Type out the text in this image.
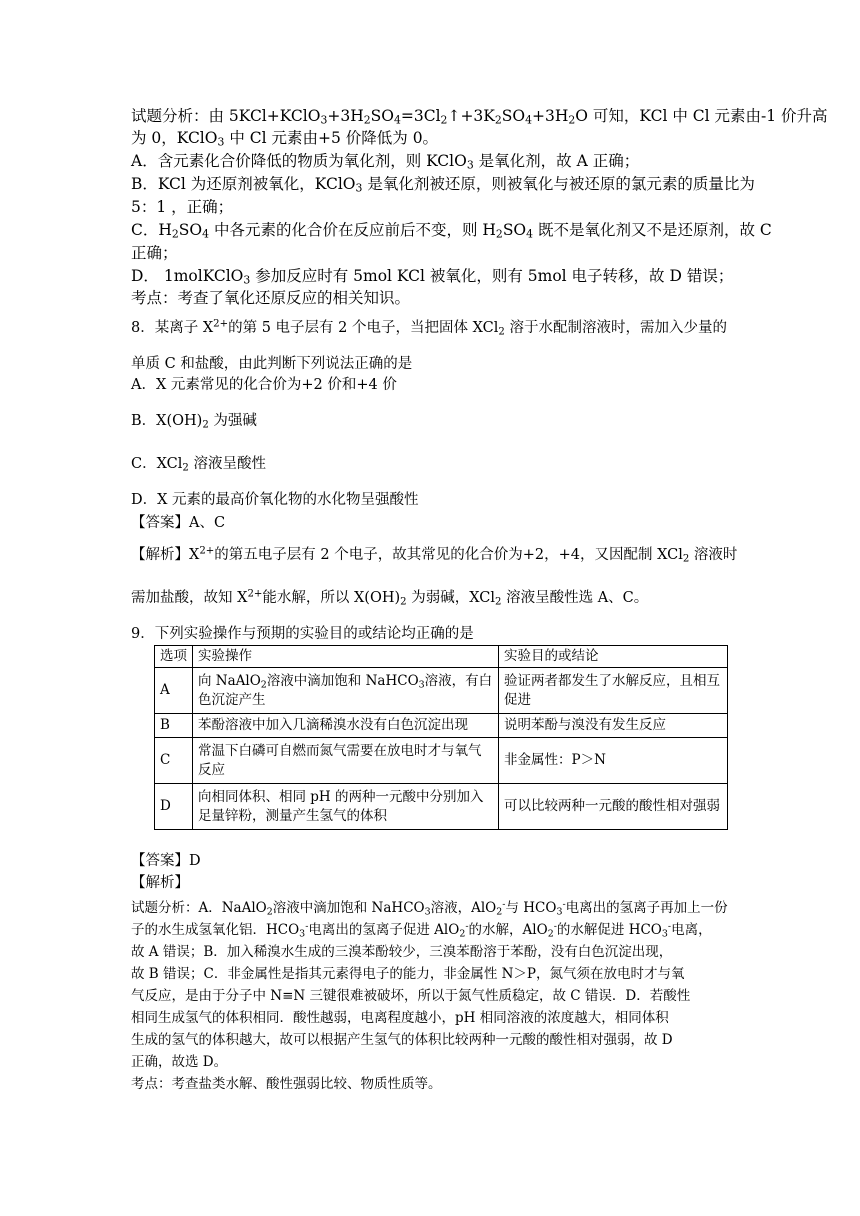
试题分析：由 $5KCl+KClO_3+3H_2SO_4=3Cl_2↑+3K_2SO_4+3H_2O$ 可知，KCl 中 Cl 元素由-1 价升高
为 0，KClO$_3$ 中 Cl 元素由+5 价降低为 0。
A．含元素化合价降低的物质为氧化剂，则 KClO$_3$ 是氧化剂，故 A 正确；
B．KCl 为还原剂被氧化，KClO$_3$ 是氧化剂被还原，则被氧化与被还原的氯元素的质量比为
5：1 ，正确；
C．$H_2SO_4$ 中各元素的化合价在反应前后不变，则 $H_2SO_4$ 既不是氧化剂又不是还原剂，故 C
正确；
D． 1molKClO$_3$ 参加反应时有 5mol KCl 被氧化，则有 5mol 电子转移，故 D 错误；
考点：考查了氧化还原反应的相关知识。
8．某离子 $X^{2+}$的第 5 电子层有 2 个电子，当把固体 XCl$_2$ 溶于水配制溶液时，需加入少量的
单质 C 和盐酸，由此判断下列说法正确的是
A．X 元素常见的化合价为+2 价和+4 价
B．$X(OH)_2$ 为强碱
C．XCl$_2$ 溶液呈酸性
D．X 元素的最高价氧化物的水化物呈强酸性
【答案】A、C
【解析】$X^{2+}$的第五电子层有 2 个电子，故其常见的化合价为+2，+4，又因配制 XCl$_2$ 溶液时
需加盐酸，故知 $X^{2+}$能水解，所以 $X(OH)_2$ 为弱碱，XCl$_2$ 溶液呈酸性选 A、C。
9．下列实验操作与预期的实验目的或结论均正确的是
选项	实验操作	实验目的或结论
A	向 NaAlO$_2$溶液中滴加饱和 NaHCO$_3$溶液，有白色沉淀产生	验证两者都发生了水解反应，且相互促进
B	苯酚溶液中加入几滴稀溴水没有白色沉淀出现	说明苯酚与溴没有发生反应
C	常温下白磷可自燃而氮气需要在放电时才与氧气反应	非金属性：P＞N
D	向相同体积、相同 pH 的两种一元酸中分别加入足量锌粉，测量产生氢气的体积	可以比较两种一元酸的酸性相对强弱
【答案】D
【解析】
试题分析：A．NaAlO$_2$溶液中滴加饱和 NaHCO$_3$溶液，AlO$_2$-与 $HCO_3^-$电离出的氢离子再加上一份
子的水生成氢氧化铝．$HCO_3^-$电离出的氢离子促进 AlO$_2$-的水解，AlO$_2$-的水解促进 $HCO_3^-$电离，
故 A 错误；B．加入稀溴水生成的三溴苯酚较少，三溴苯酚溶于苯酚，没有白色沉淀出现，
故 B 错误；C．非金属性是指其元素得电子的能力，非金属性 N＞P，氮气须在放电时才与氧
气反应，是由于分子中 N≡N 三键很难被破坏，所以于氮气性质稳定，故 C 错误．D．若酸性
相同生成氢气的体积相同．酸性越弱，电离程度越小，pH 相同溶液的浓度越大，相同体积
生成的氢气的体积越大，故可以根据产生氢气的体积比较两种一元酸的酸性相对强弱，故 D
正确，故选 D。
考点：考查盐类水解、酸性强弱比较、物质性质等。
